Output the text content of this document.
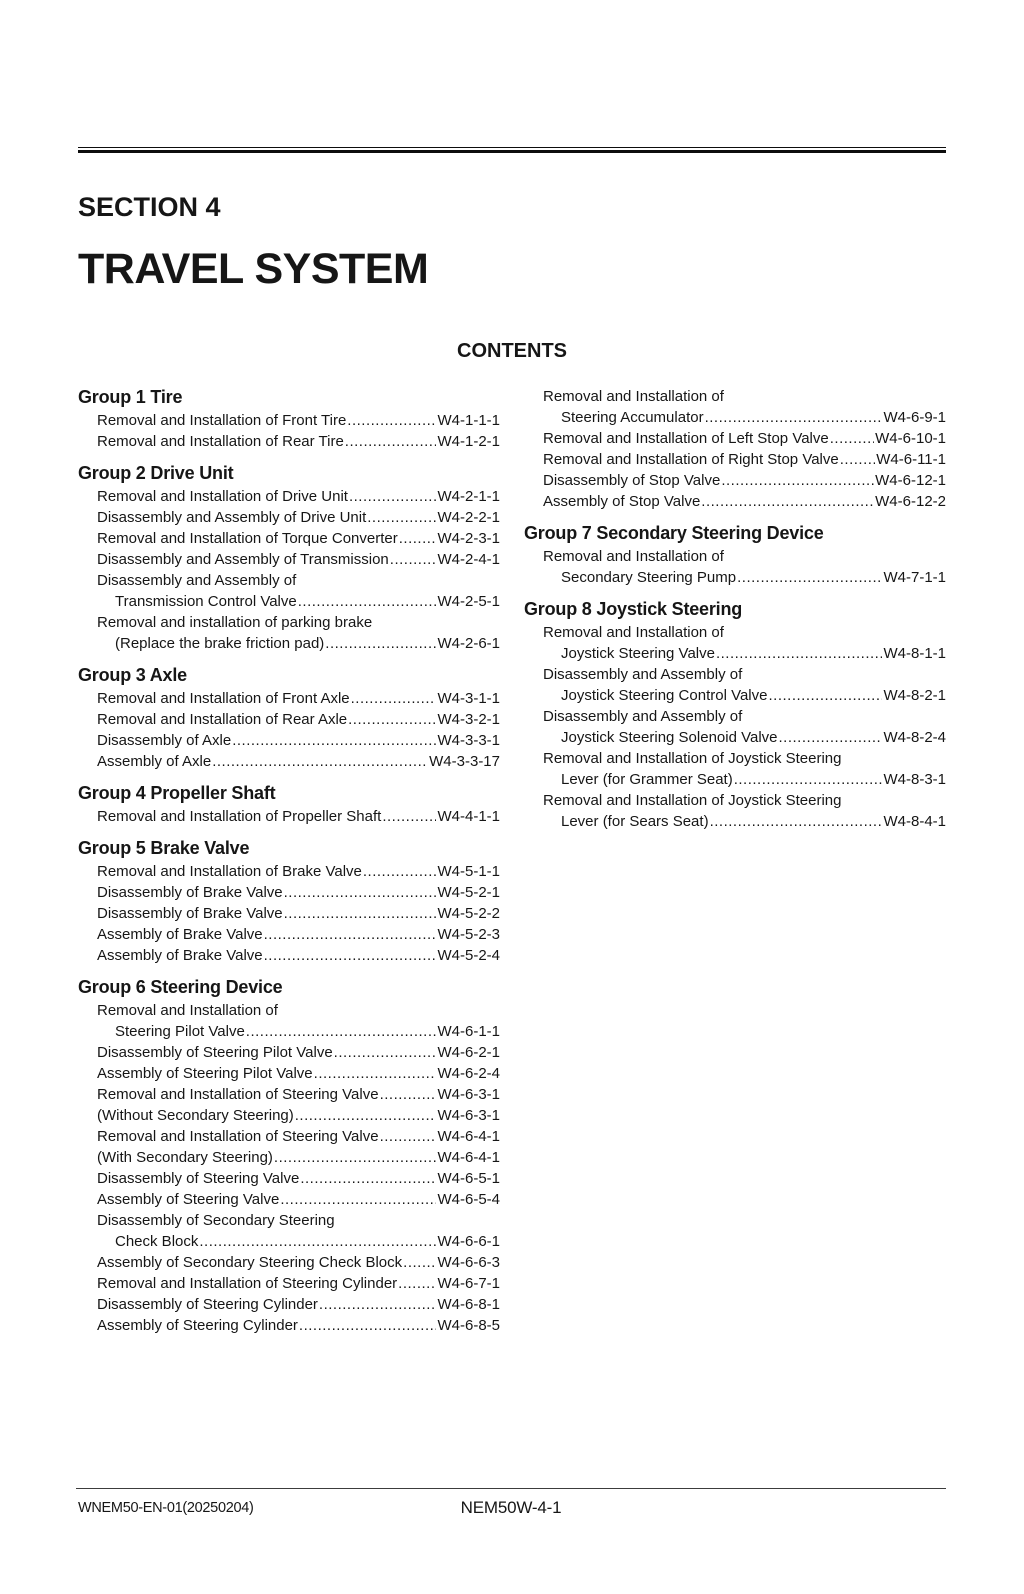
SECTION 4
TRAVEL SYSTEM
CONTENTS
Group 1 Tire
Removal and Installation of Front Tire .....	W4-1-1-1
Removal and Installation of Rear Tire .....	W4-1-2-1
Group 2 Drive Unit
Removal and Installation of Drive Unit .....	W4-2-1-1
Disassembly and Assembly of Drive Unit .....	W4-2-2-1
Removal and Installation of Torque Converter .....	W4-2-3-1
Disassembly and Assembly of Transmission .....	W4-2-4-1
Disassembly and Assembly of
Transmission Control Valve .....	W4-2-5-1
Removal and installation of parking brake
(Replace the brake friction pad) .....	W4-2-6-1
Group 3 Axle
Removal and Installation of Front Axle .....	W4-3-1-1
Removal and Installation of Rear Axle .....	W4-3-2-1
Disassembly of Axle .....	W4-3-3-1
Assembly of Axle .....	W4-3-3-17
Group 4 Propeller Shaft
Removal and Installation of Propeller Shaft .....	W4-4-1-1
Group 5 Brake Valve
Removal and Installation of Brake Valve .....	W4-5-1-1
Disassembly of Brake Valve .....	W4-5-2-1
Disassembly of Brake Valve .....	W4-5-2-2
Assembly of Brake Valve .....	W4-5-2-3
Assembly of Brake Valve .....	W4-5-2-4
Group 6 Steering Device
Removal and Installation of
Steering Pilot Valve .....	W4-6-1-1
Disassembly of Steering Pilot Valve .....	W4-6-2-1
Assembly of Steering Pilot Valve .....	W4-6-2-4
Removal and Installation of Steering Valve .....	W4-6-3-1
(Without Secondary Steering) .....	W4-6-3-1
Removal and Installation of Steering Valve .....	W4-6-4-1
(With Secondary Steering) .....	W4-6-4-1
Disassembly of Steering Valve .....	W4-6-5-1
Assembly of Steering Valve .....	W4-6-5-4
Disassembly of Secondary Steering
Check Block .....	W4-6-6-1
Assembly of Secondary Steering Check Block ..... W4-6-6-3
Removal and Installation of Steering Cylinder .....	W4-6-7-1
Disassembly of Steering Cylinder .....	W4-6-8-1
Assembly of Steering Cylinder .....	W4-6-8-5
Removal and Installation of
Steering Accumulator .....	W4-6-9-1
Removal and Installation of Left Stop Valve .....	W4-6-10-1
Removal and Installation of Right Stop Valve .....	W4-6-11-1
Disassembly of Stop Valve .....	W4-6-12-1
Assembly of Stop Valve .....	W4-6-12-2
Group 7 Secondary Steering Device
Removal and Installation of
Secondary Steering Pump .....	W4-7-1-1
Group 8 Joystick Steering
Removal and Installation of
Joystick Steering Valve .....	W4-8-1-1
Disassembly and Assembly of
Joystick Steering Control Valve .....	W4-8-2-1
Disassembly and Assembly of
Joystick Steering Solenoid Valve .....	W4-8-2-4
Removal and Installation of Joystick Steering
Lever (for Grammer Seat) .....	W4-8-3-1
Removal and Installation of Joystick Steering
Lever (for Sears Seat) .....	W4-8-4-1
WNEM50-EN-01(20250204)	NEM50W-4-1
